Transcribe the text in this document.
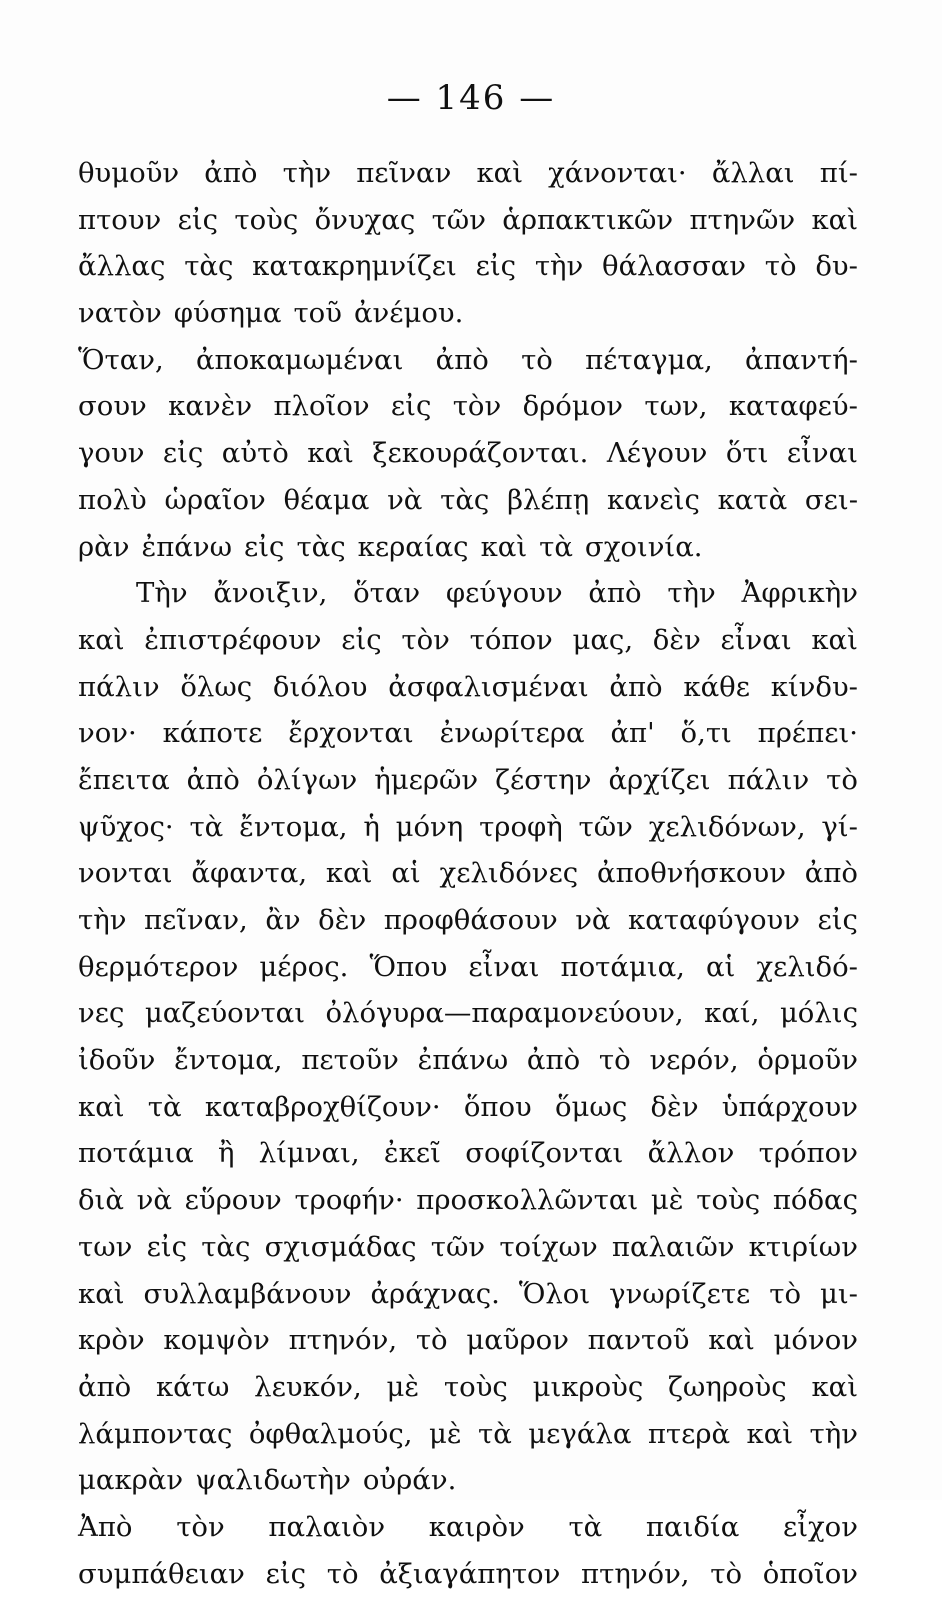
— 146 —
θυμοῦν ἀπὸ τὴν πεῖναν καὶ χάνονται· ἄλλαι πί-
πτουν εἰς τοὺς ὄνυχας τῶν ἁρπακτικῶν πτηνῶν καὶ
ἄλλας τὰς κατακρημνίζει εἰς τὴν θάλασσαν τὸ δυ-
νατὸν φύσημα τοῦ ἀνέμου.
Ὅταν, ἀποκαμωμέναι ἀπὸ τὸ πέταγμα, ἀπαντή-
σουν κανὲν πλοῖον εἰς τὸν δρόμον των, καταφεύ-
γουν εἰς αὐτὸ καὶ ξεκουράζονται. Λέγουν ὅτι εἶναι
πολὺ ὡραῖον θέαμα νὰ τὰς βλέπῃ κανεὶς κατὰ σει-
ρὰν ἐπάνω εἰς τὰς κεραίας καὶ τὰ σχοινία.
Τὴν ἄνοιξιν, ὅταν φεύγουν ἀπὸ τὴν Ἀφρικὴν
καὶ ἐπιστρέφουν εἰς τὸν τόπον μας, δὲν εἶναι καὶ
πάλιν ὅλως διόλου ἀσφαλισμέναι ἀπὸ κάθε κίνδυ-
νον· κάποτε ἔρχονται ἐνωρίτερα ἀπ' ὅ,τι πρέπει·
ἔπειτα ἀπὸ ὀλίγων ἡμερῶν ζέστην ἀρχίζει πάλιν τὸ
ψῦχος· τὰ ἔντομα, ἡ μόνη τροφὴ τῶν χελιδόνων, γί-
νονται ἄφαντα, καὶ αἱ χελιδόνες ἀποθνήσκουν ἀπὸ
τὴν πεῖναν, ἂν δὲν προφθάσουν νὰ καταφύγουν εἰς
θερμότερον μέρος. Ὅπου εἶναι ποτάμια, αἱ χελιδό-
νες μαζεύονται ὀλόγυρα—παραμονεύουν, καί, μόλις
ἰδοῦν ἔντομα, πετοῦν ἐπάνω ἀπὸ τὸ νερόν, ὁρμοῦν
καὶ τὰ καταβροχθίζουν· ὅπου ὅμως δὲν ὑπάρχουν
ποτάμια ἢ λίμναι, ἐκεῖ σοφίζονται ἄλλον τρόπον
διὰ νὰ εὕρουν τροφήν· προσκολλῶνται μὲ τοὺς πόδας
των εἰς τὰς σχισμάδας τῶν τοίχων παλαιῶν κτιρίων
καὶ συλλαμβάνουν ἀράχνας. Ὅλοι γνωρίζετε τὸ μι-
κρὸν κομψὸν πτηνόν, τὸ μαῦρον παντοῦ καὶ μόνον
ἀπὸ κάτω λευκόν, μὲ τοὺς μικροὺς ζωηροὺς καὶ
λάμποντας ὀφθαλμούς, μὲ τὰ μεγάλα πτερὰ καὶ τὴν
μακρὰν ψαλιδωτὴν οὐράν.
Ἀπὸ τὸν παλαιὸν καιρὸν τὰ παιδία εἶχον
συμπάθειαν εἰς τὸ ἀξιαγάπητον πτηνόν, τὸ ὁποῖον
